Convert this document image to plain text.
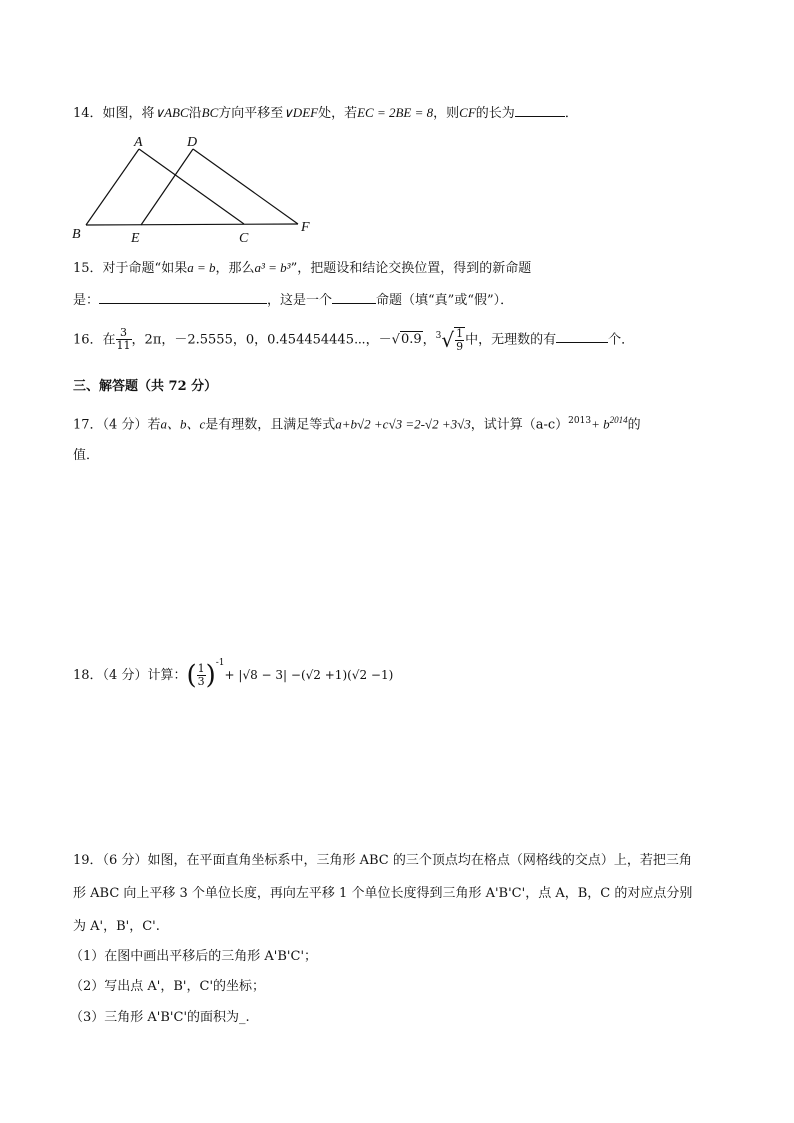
14．如图，将∨ABC沿BC方向平移至∨DEF处，若EC = 2BE = 8，则CF的长为	．
A	D
B	E	C
F
15．对于命题“如果a = b，那么a³ = b³”，把题设和结论交换位置，得到的新命题
是：	，这是一个	命题（填“真”或“假”）．
16．在 $\frac{3}{11}$ ，2π，－2.5555，0，0.454454445⋯，－√0.9，$^3√ \frac{1}{9}$ 中，无理数的有	个．
三、解答题（共 72 分）
17．（4 分）若a、b、c是有理数，且满足等式a+b√2 +c√3 =2-√2 +3√3，试计算$(a-c)^{2013}+ b^{2014}$的
值．
18．（4 分）计算：( $\frac{1}{3} )^{-1}+ |√8 - 3| -(√2 +1)(√2 -1)$
19．（6 分）如图，在平面直角坐标系中，三角形 ABC 的三个顶点均在格点（网格线的交点）上，若把三角
形 ABC 向上平移 3 个单位长度，再向左平移 1 个单位长度得到三角形 A'B'C'，点 A，B，C 的对应点分别
为 A'，B'，C'.
（1）在图中画出平移后的三角形 A'B'C'；
（2）写出点 A'，B'，C'的坐标；
（3）三角形 A'B'C'的面积为_.
